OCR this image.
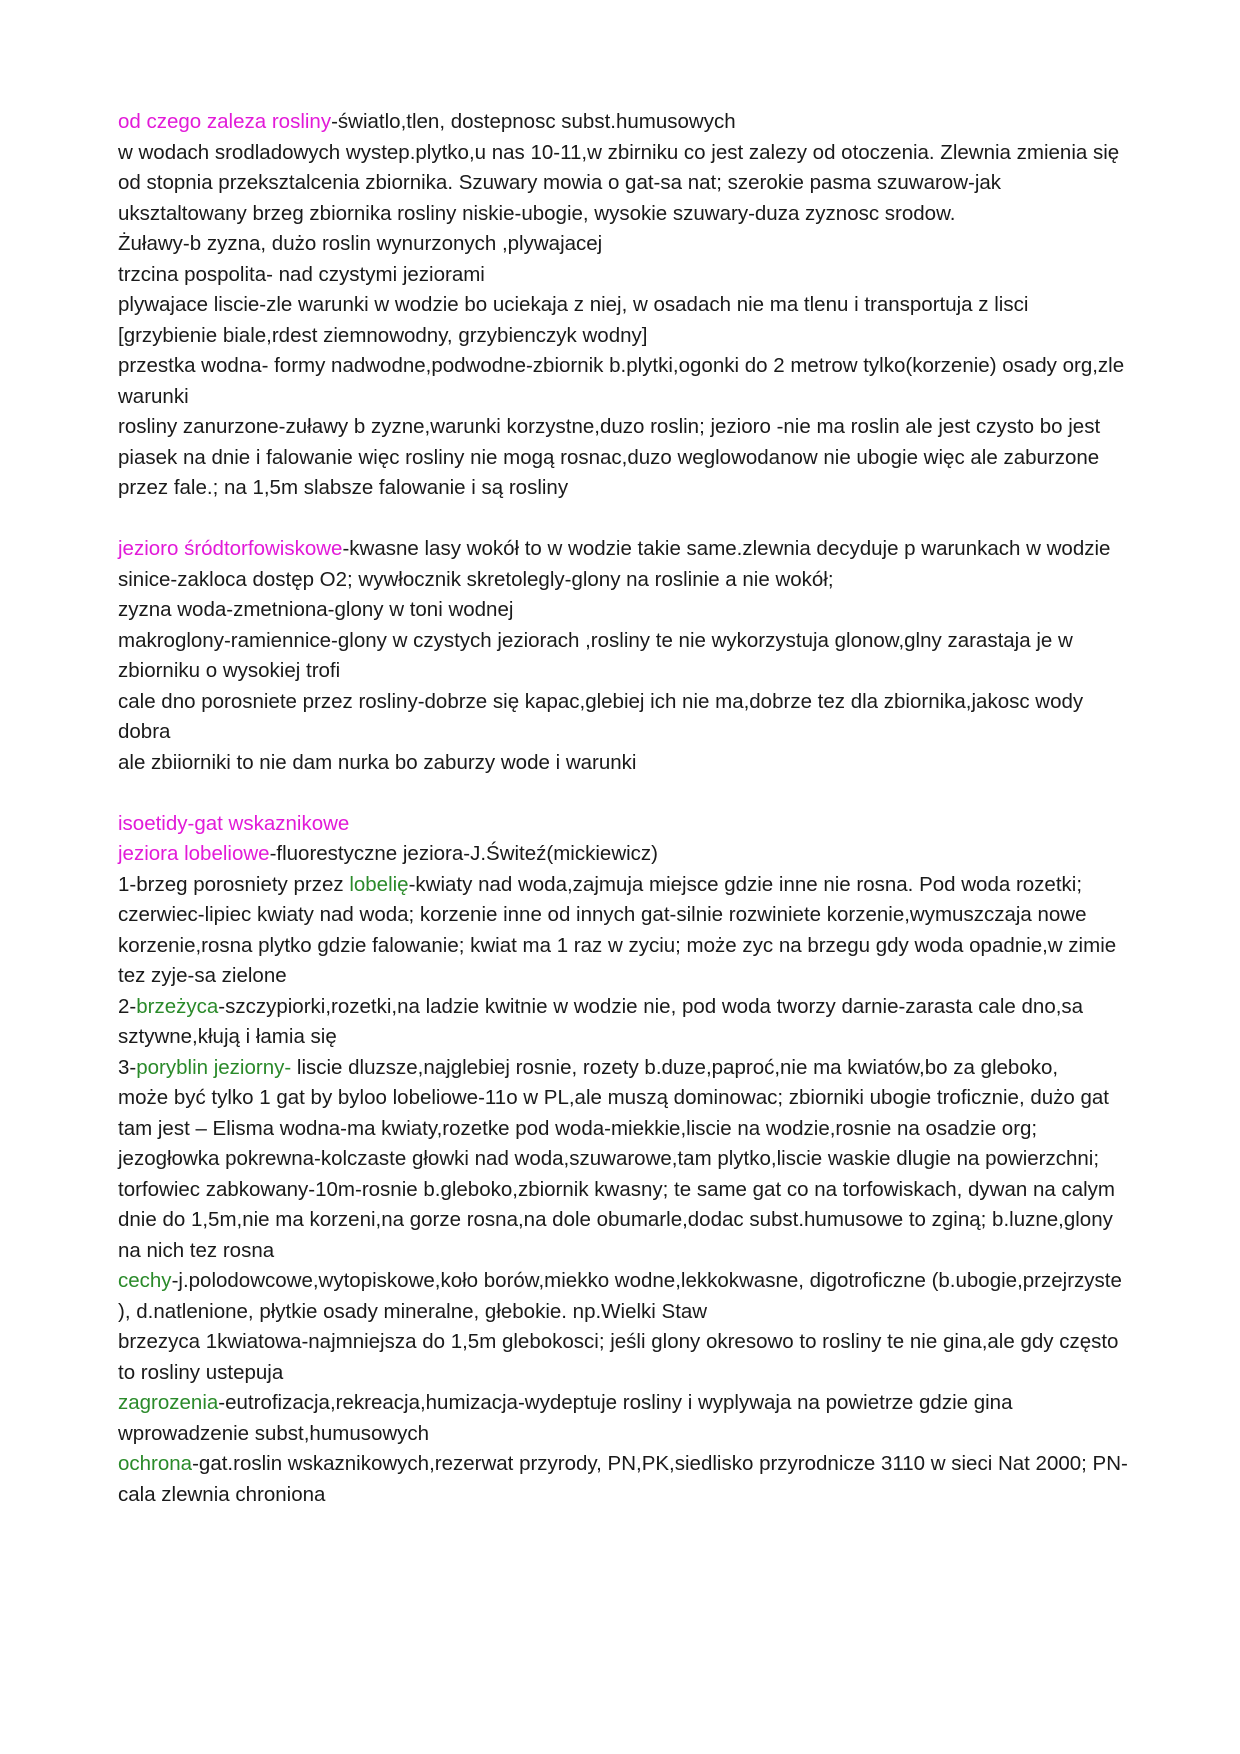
od czego zaleza rosliny-światlo,tlen, dostepnosc subst.humusowych

w wodach srodladowych wystep.plytko,u nas 10-11,w zbirniku co jest zalezy od otoczenia. Zlewnia zmienia się od stopnia przeksztalcenia zbiornika. Szuwary mowia o gat-sa nat; szerokie pasma szuwarow-jak uksztaltowany brzeg zbiornika rosliny niskie-ubogie, wysokie szuwary-duza zyznosc srodow.

Żuławy-b zyzna, dużo roslin wynurzonych ,plywajacej

trzcina pospolita- nad czystymi jeziorami

plywajace liscie-zle warunki w wodzie bo uciekaja z niej, w osadach nie ma tlenu i transportuja z lisci [grzybienie biale,rdest ziemnowodny, grzybienczyk wodny]

przestka wodna- formy nadwodne,podwodne-zbiornik b.plytki,ogonki do 2 metrow tylko(korzenie) osady org,zle warunki

rosliny zanurzone-zuławy b zyzne,warunki korzystne,duzo roslin; jezioro -nie ma roslin ale jest czysto bo jest piasek na dnie i falowanie więc rosliny nie mogą rosnac,duzo weglowodanow nie ubogie więc ale zaburzone przez fale.; na 1,5m slabsze falowanie i są rosliny

jezioro śródtorfowiskowe-kwasne lasy wokół to w wodzie takie same.zlewnia decyduje p warunkach w wodzie

sinice-zakloca dostęp O2; wywłocznik skretolegly-glony na roslinie a nie wokół;

zyzna woda-zmetniona-glony w toni wodnej

makroglony-ramiennice-glony w czystych jeziorach ,rosliny te nie wykorzystuja glonow,glny zarastaja je w zbiorniku o wysokiej trofi

cale dno porosniete przez rosliny-dobrze się kapac,glebiej ich nie ma,dobrze tez dla zbiornika,jakosc wody dobra

ale zbiiorniki to nie dam nurka bo zaburzy wode i warunki

isoetidy-gat wskaznikowe

jeziora lobeliowe-fluorestyczne jeziora-J.Świteź(mickiewicz)

1-brzeg porosniety przez lobelię-kwiaty nad woda,zajmuja miejsce gdzie inne nie rosna. Pod woda rozetki; czerwiec-lipiec kwiaty nad woda; korzenie inne od innych gat-silnie rozwiniete korzenie,wymuszczaja nowe korzenie,rosna plytko gdzie falowanie; kwiat ma 1 raz w zyciu; może zyc na brzegu gdy woda opadnie,w zimie tez zyje-sa zielone

2-brzeżyca-szczypiorki,rozetki,na ladzie kwitnie w wodzie nie, pod woda tworzy darnie-zarasta cale dno,sa sztywne,kłują i łamia się

3-poryblin jeziorny- liscie dluzsze,najglebiej rosnie, rozety b.duze,paproć,nie ma kwiatów,bo za gleboko,

może być tylko 1 gat by byloo lobeliowe-11o w PL,ale muszą dominowac; zbiorniki ubogie troficznie, dużo gat tam jest – Elisma wodna-ma kwiaty,rozetke pod woda-miekkie,liscie na wodzie,rosnie na osadzie org; jezogłowka pokrewna-kolczaste głowki nad woda,szuwarowe,tam plytko,liscie waskie dlugie na powierzchni; torfowiec zabkowany-10m-rosnie b.gleboko,zbiornik kwasny; te same gat co na torfowiskach, dywan na calym dnie do 1,5m,nie ma korzeni,na gorze rosna,na dole obumarle,dodac subst.humusowe to zginą; b.luzne,glony na nich tez rosna

cechy-j.polodowcowe,wytopiskowe,koło borów,miekko wodne,lekkokwasne, digotroficzne (b.ubogie,przejrzyste ), d.natlenione, płytkie osady mineralne, głebokie. np.Wielki Staw

brzezyca 1kwiatowa-najmniejsza do 1,5m glebokosci; jeśli glony okresowo to rosliny te nie gina,ale gdy często to rosliny ustepuja

zagrozenia-eutrofizacja,rekreacja,humizacja-wydeptuje rosliny i wyplywaja na powietrze gdzie gina wprowadzenie subst,humusowych

ochrona-gat.roslin wskaznikowych,rezerwat przyrody, PN,PK,siedlisko przyrodnicze 3110 w sieci Nat 2000; PN-cala zlewnia chroniona
